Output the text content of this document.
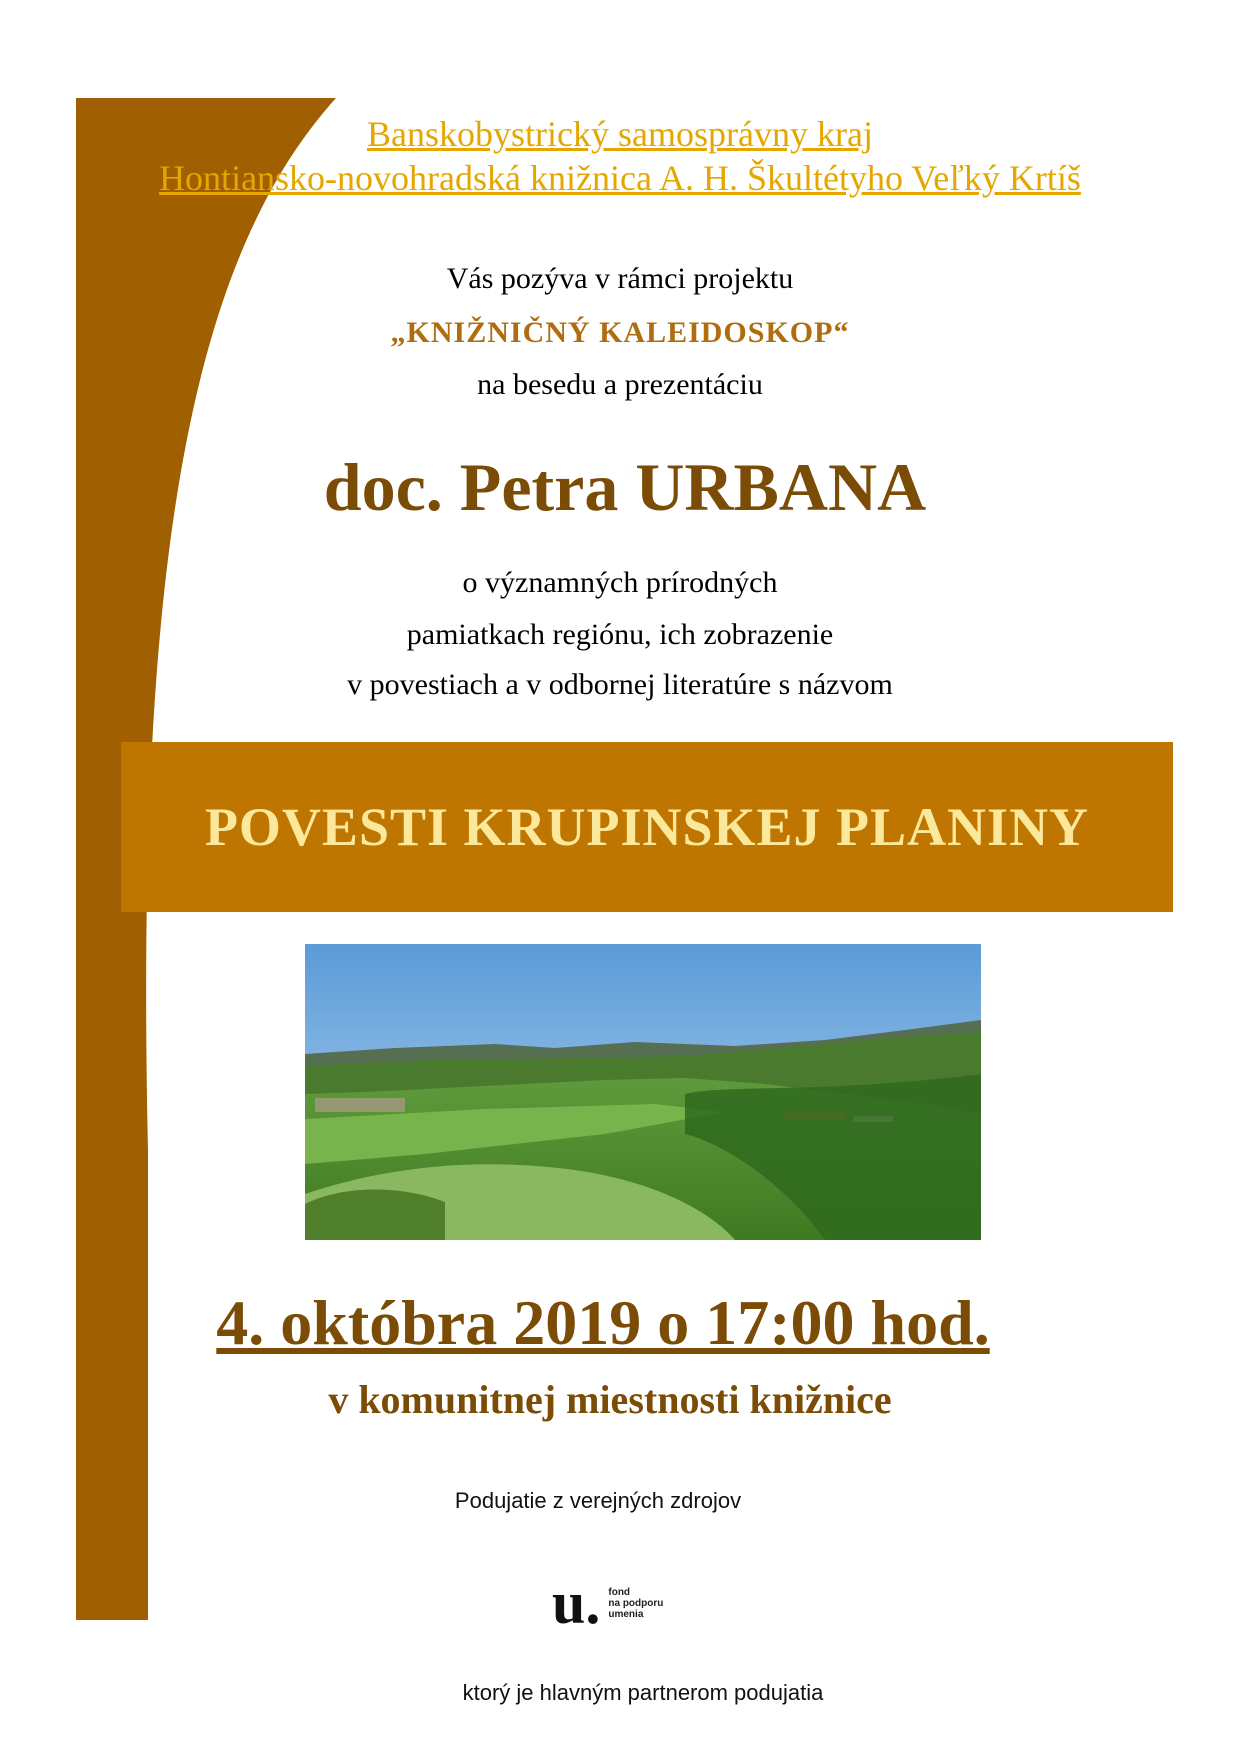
Banskobystrický samosprávny kraj
Hontiansko-novohradská knižnica A. H. Škultétyho Veľký Krtíš
Vás pozýva v rámci projektu
„KNIŽNIČNÝ KALEIDOSKOP“
na besedu a prezentáciu
doc. Petra URBANA
o významných prírodných
pamiatkach regiónu, ich zobrazenie
v povestiach a v odbornej literatúre s názvom
POVESTI KRUPINSKEJ PLANINY
4. októbra 2019 o 17:00 hod.
v komunitnej miestnosti knižnice
Podujatie z verejných zdrojov
u. fond
na podporu
umenia
ktorý je hlavným partnerom podujatia
